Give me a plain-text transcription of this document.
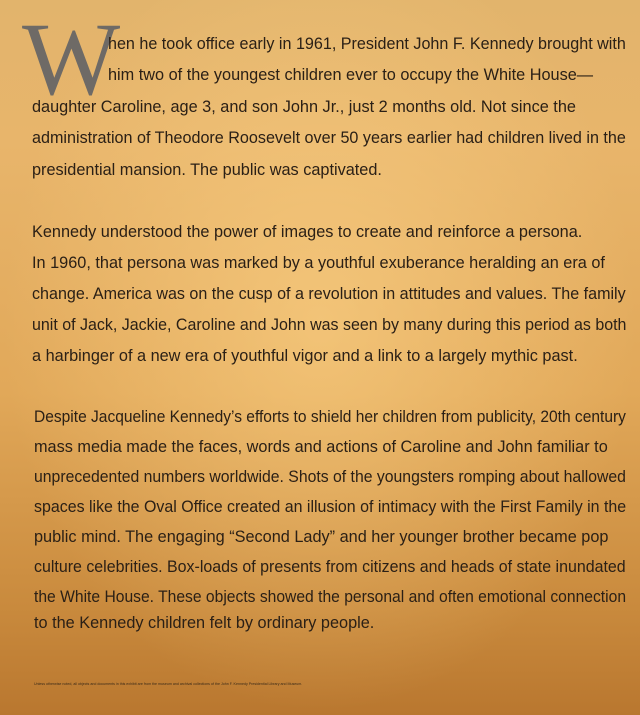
W
hen he took office early in 1961, President John F. Kennedy brought with
him two of the youngest children ever to occupy the White House—
daughter Caroline, age 3, and son John Jr., just 2 months old. Not since the
administration of Theodore Roosevelt over 50 years earlier had children lived in the
presidential mansion. The public was captivated.
Kennedy understood the power of images to create and reinforce a persona.
In 1960, that persona was marked by a youthful exuberance heralding an era of
change. America was on the cusp of a revolution in attitudes and values. The family
unit of Jack, Jackie, Caroline and John was seen by many during this period as both
a harbinger of a new era of youthful vigor and a link to a largely mythic past.
Despite Jacqueline Kennedy’s efforts to shield her children from publicity, 20th century
mass media made the faces, words and actions of Caroline and John familiar to
unprecedented numbers worldwide. Shots of the youngsters romping about hallowed
spaces like the Oval Office created an illusion of intimacy with the First Family in the
public mind. The engaging “Second Lady” and her younger brother became pop
culture celebrities. Box-loads of presents from citizens and heads of state inundated
the White House. These objects showed the personal and often emotional connection
to the Kennedy children felt by ordinary people.
Unless otherwise noted, all objects and documents in this exhibit are from the museum and archival collections of the John F. Kennedy Presidential Library and Museum.
